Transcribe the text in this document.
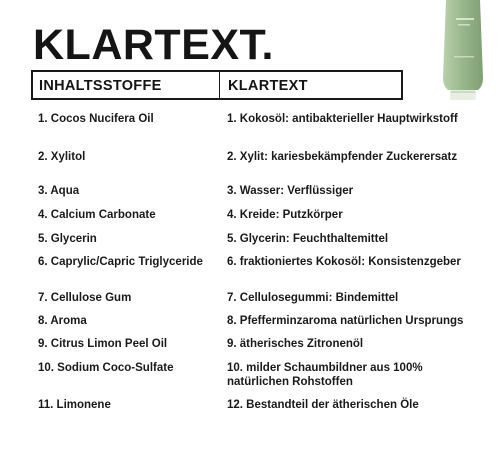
KLARTEXT.
INHALTSSTOFFE	KLARTEXT
1. Cocos Nucifera Oil	1. Kokosöl: antibakterieller Hauptwirkstoff
2. Xylitol	2. Xylit: kariesbekämpfender Zuckerersatz
3. Aqua	3. Wasser: Verflüssiger
4. Calcium Carbonate	4. Kreide: Putzkörper
5. Glycerin	5. Glycerin: Feuchthaltemittel
6. Caprylic/Capric Triglyceride	6. fraktioniertes Kokosöl: Konsistenzgeber
7. Cellulose Gum	7. Cellulosegummi: Bindemittel
8. Aroma	8. Pfefferminzaroma natürlichen Ursprungs
9. Citrus Limon Peel Oil	9. ätherisches Zitronenöl
10. Sodium Coco-Sulfate	10. milder Schaumbildner aus 100% natürlichen Rohstoffen
11. Limonene	12. Bestandteil der ätherischen Öle
